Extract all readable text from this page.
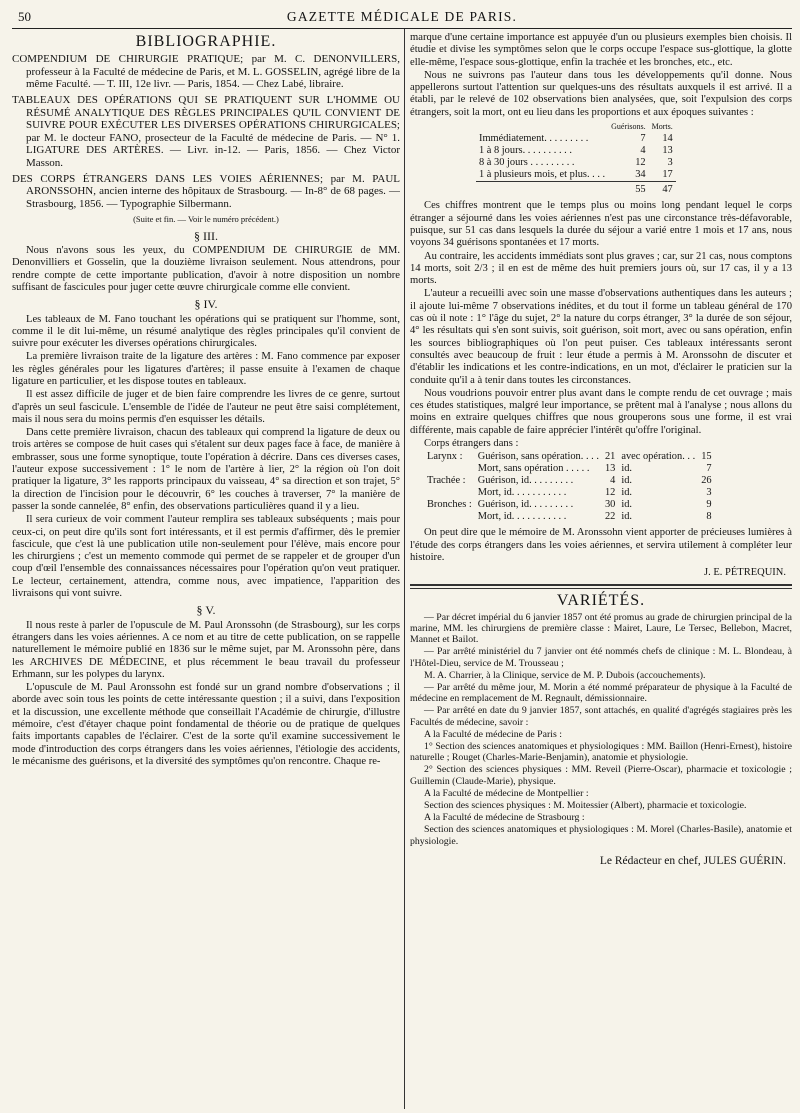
50	GAZETTE MÉDICALE DE PARIS.
BIBLIOGRAPHIE.

COMPENDIUM DE CHIRURGIE PRATIQUE; par M. C. DENONVILLERS, professeur à la Faculté de médecine de Paris, et M. L. GOSSELIN, agrégé libre de la même Faculté. — T. III, 12e livr. — Paris, 1854. — Chez Labé, libraire.

TABLEAUX DES OPÉRATIONS QUI SE PRATIQUENT SUR L'HOMME OU RÉSUMÉ ANALYTIQUE DES RÈGLES PRINCIPALES QU'IL CONVIENT DE SUIVRE POUR EXÉCUTER LES DIVERSES OPÉRATIONS CHIRURGICALES; par M. le docteur FANO, prosecteur de la Faculté de médecine de Paris. — N° 1. LIGATURE DES ARTÈRES. — Livr. in-12. — Paris, 1856. — Chez Victor Masson.

DES CORPS ÉTRANGERS DANS LES VOIES AÉRIENNES; par M. PAUL ARONSSOHN, ancien interne des hôpitaux de Strasbourg. — In-8° de 68 pages. — Strasbourg, 1856. — Typographie Silbermann.

(Suite et fin. — Voir le numéro précédent.)
§ III.

Nous n'avons sous les yeux, du COMPENDIUM DE CHIRURGIE de MM. Denonvilliers et Gosselin, que la douzième livraison seulement. Nous attendrons, pour rendre compte de cette importante publication, d'avoir à notre disposition un nombre suffisant de fascicules pour juger cette œuvre chirurgicale comme elle convient.

§ IV.

Les tableaux de M. Fano touchant les opérations qui se pratiquent sur l'homme, sont, comme il le dit lui-même, un résumé analytique des règles principales qu'il convient de suivre pour exécuter les diverses opérations chirurgicales.

La première livraison traite de la ligature des artères : M. Fano commence par exposer les règles générales pour les ligatures d'artères; il passe ensuite à l'examen de chaque ligature en particulier, et les dispose toutes en tableaux.

Il est assez difficile de juger et de bien faire comprendre les livres de ce genre, surtout d'après un seul fascicule. L'ensemble de l'idée de l'auteur ne peut être saisi complétement, mais il nous sera du moins permis d'en esquisser les détails.

Dans cette première livraison, chacun des tableaux qui comprend la ligature de deux ou trois artères se compose de huit cases qui s'étalent sur deux pages face à face, de manière à embrasser, sous une forme synoptique, toute l'opération à décrire. Dans ces diverses cases, l'auteur expose successivement : 1° le nom de l'artère à lier, 2° la région où l'on doit pratiquer la ligature, 3° les rapports principaux du vaisseau, 4° sa direction et son trajet, 5° la direction de l'incision pour le découvrir, 6° les couches à traverser, 7° la manière de passer la sonde cannelée, 8° enfin, des observations particulières quand il y a lieu.

Il sera curieux de voir comment l'auteur remplira ses tableaux subséquents ; mais pour ceux-ci, on peut dire qu'ils sont fort intéressants, et il est permis d'affirmer, dès le premier fascicule, que c'est là une publication utile non-seulement pour l'élève, mais encore pour les chirurgiens ; c'est un memento commode qui permet de se rappeler et de grouper d'un coup d'œil l'ensemble des connaissances nécessaires pour l'opération qu'on veut pratiquer. Le lecteur, certainement, attendra, comme nous, avec impatience, l'apparition des livraisons qui vont suivre.

§ V.

Il nous reste à parler de l'opuscule de M. Paul Aronssohn (de Strasbourg), sur les corps étrangers dans les voies aériennes. A ce nom et au titre de cette publication, on se rappelle naturellement le mémoire publié en 1836 sur le même sujet, par M. Aronssohn père, dans les ARCHIVES DE MÉDECINE, et plus récemment le beau travail du professeur Erhmann, sur les polypes du larynx.

L'opuscule de M. Paul Aronssohn est fondé sur un grand nombre d'observations ; il aborde avec soin tous les points de cette intéressante question ; il a suivi, dans l'exposition et la discussion, une excellente méthode que conseillait l'Académie de chirurgie, d'illustre mémoire, c'est d'étayer chaque point fondamental de théorie ou de pratique de quelques faits importants capables de l'éclairer. C'est de la sorte qu'il examine successivement le mode d'introduction des corps étrangers dans les voies aériennes, l'étiologie des accidents, le mécanisme des guérisons, et la diversité des symptômes qu'on rencontre. Chaque re-

marque d'une certaine importance est appuyée d'un ou plusieurs exemples bien choisis. Il étudie et divise les symptômes selon que le corps occupe l'espace sus-glottique, la glotte elle-même, l'espace sous-glottique, enfin la trachée et les bronches, etc., etc.

Nous ne suivrons pas l'auteur dans tous les développements qu'il donne. Nous appellerons surtout l'attention sur quelques-uns des résultats auxquels il est arrivé. Il a établi, par le relevé de 102 observations bien analysées, que, soit l'expulsion des corps étrangers, soit la mort, ont eu lieu dans les proportions et aux époques suivantes :

	Guérisons.	Morts.
Immédiatement. . . . . . . . .	7	14
1 à 8 jours. . . . . . . . . .	4	13
8 à 30 jours . . . . . . . . .	12	3
1 à plusieurs mois, et plus. . . .	34	17
	55	47

Ces chiffres montrent que le temps plus ou moins long pendant lequel le corps étranger a séjourné dans les voies aériennes n'est pas une circonstance très-défavorable, puisque, sur 51 cas dans lesquels la durée du séjour a varié entre 1 mois et 17 ans, nous voyons 34 guérisons spontanées et 17 morts.

Au contraire, les accidents immédiats sont plus graves ; car, sur 21 cas, nous comptons 14 morts, soit 2/3 ; il en est de même des huit premiers jours où, sur 17 cas, il y a 13 morts.

L'auteur a recueilli avec soin une masse d'observations authentiques dans les auteurs ; il ajoute lui-même 7 observations inédites, et du tout il forme un tableau général de 170 cas où il note : 1° l'âge du sujet, 2° la nature du corps étranger, 3° la durée de son séjour, 4° les résultats qui s'en sont suivis, soit guérison, soit mort, avec ou sans opération, enfin les sources bibliographiques où l'on peut puiser. Ces tableaux intéressants seront consultés avec beaucoup de fruit : leur étude a permis à M. Aronssohn de discuter et d'établir les indications et les contre-indications, en un mot, d'éclairer le praticien sur la conduite qu'il a à tenir dans toutes les circonstances.

Nous voudrions pouvoir entrer plus avant dans le compte rendu de cet ouvrage ; mais ces études statistiques, malgré leur importance, se prêtent mal à l'analyse ; nous allons du moins en extraire quelques chiffres que nous grouperons sous une forme, il est vrai différente, mais capable de faire apprécier l'intérêt qu'offre l'original.

Corps étrangers dans :

Larynx :	Guérison, sans opération. . . .	21	avec opération. . .	15
	Mort, sans opération . . . . .	13	id.	7
Trachée :	Guérison, id. . . . . . . . .	4	id.	26
	Mort, id. . . . . . . . . . .	12	id.	3
Bronches :	Guérison, id. . . . . . . . .	30	id.	9
	Mort, id. . . . . . . . . . .	22	id.	8

On peut dire que le mémoire de M. Aronssohn vient apporter de précieuses lumières à l'étude des corps étrangers dans les voies aériennes, et servira utilement à compléter leur histoire.

J. E. PÉTREQUIN.
VARIÉTÉS.

— Par décret impérial du 6 janvier 1857 ont été promus au grade de chirurgien principal de la marine, MM. les chirurgiens de première classe : Mairet, Laure, Le Tersec, Bellebon, Macret, Mannet et Bailot.

— Par arrêté ministériel du 7 janvier ont été nommés chefs de clinique : M. L. Blondeau, à l'Hôtel-Dieu, service de M. Trousseau ;

M. A. Charrier, à la Clinique, service de M. P. Dubois (accouchements).

— Par arrêté du même jour, M. Morin a été nommé préparateur de physique à la Faculté de médecine en remplacement de M. Regnault, démissionnaire.

— Par arrêté en date du 9 janvier 1857, sont attachés, en qualité d'agrégés stagiaires près les Facultés de médecine, savoir :

A la Faculté de médecine de Paris :

1° Section des sciences anatomiques et physiologiques : MM. Baillon (Henri-Ernest), histoire naturelle ; Rouget (Charles-Marie-Benjamin), anatomie et physiologie.

2° Section des sciences physiques : MM. Reveil (Pierre-Oscar), pharmacie et toxicologie ; Guillemin (Claude-Marie), physique.

A la Faculté de médecine de Montpellier :

Section des sciences physiques : M. Moitessier (Albert), pharmacie et toxicologie.

A la Faculté de médecine de Strasbourg :

Section des sciences anatomiques et physiologiques : M. Morel (Charles-Basile), anatomie et physiologie.

Le Rédacteur en chef, JULES GUÉRIN.
